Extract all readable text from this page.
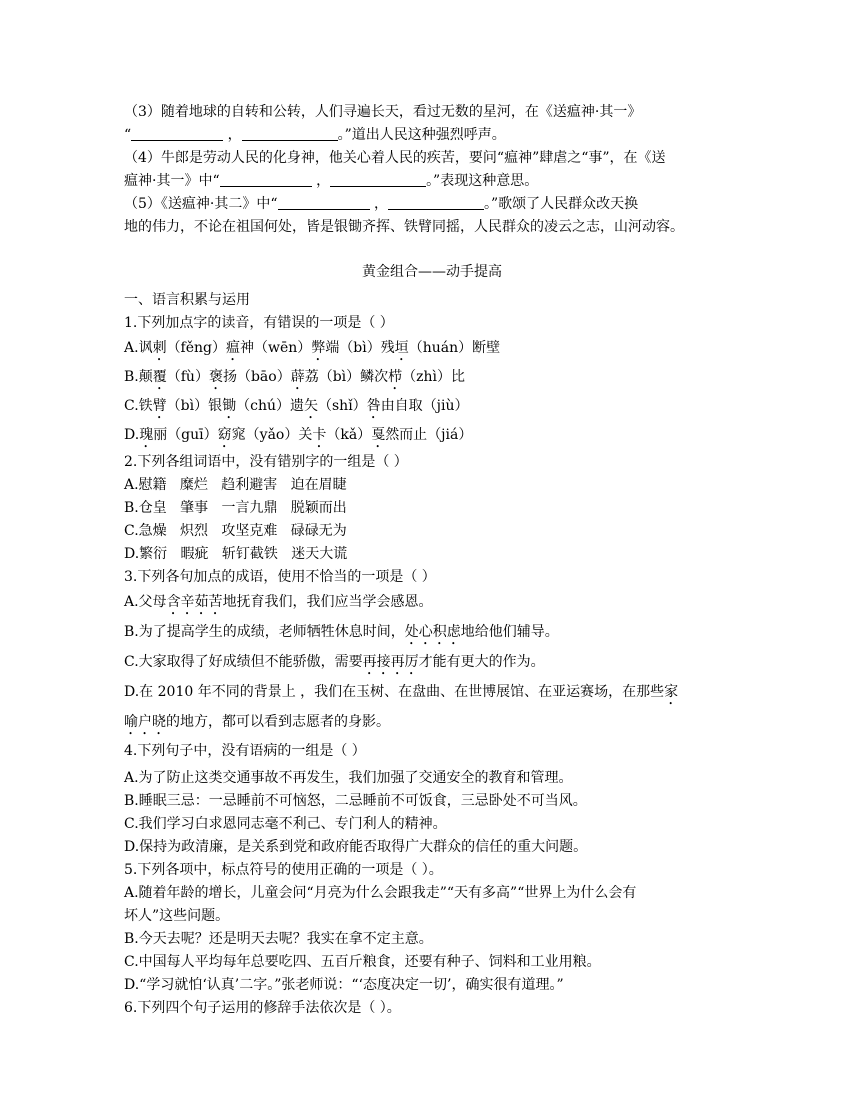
（3）随着地球的自转和公转，人们寻遍长天，看过无数的星河，在《送瘟神·其一》
“	，	。”道出人民这种强烈呼声。
（4）牛郎是劳动人民的化身神，他关心着人民的疾苦，要问“瘟神”肆虐之“事”，在《送
瘟神·其一》中“	，	。”表现这种意思。
（5）《送瘟神·其二》中“	，	。”歌颂了人民群众改天换
地的伟力，不论在祖国何处，皆是银锄齐挥、铁臂同摇，人民群众的凌云之志，山河动容。
黄金组合——动手提高
一、语言积累与运用
1.下列加点字的读音，有错误的一项是（ ）
A.讽刺（fěng）瘟神（wēn）弊端（bì）残垣（huán）断壁
B.颠覆（fù）褒扬（bāo）薜荔（bì）鳞次栉（zhì）比
C.铁臂（bì）银锄（chú）遗矢（shǐ）咎由自取（jiù）
D.瑰丽（guī）窈窕（yǎo）关卡（kǎ）戛然而止（jiá）
2.下列各组词语中，没有错别字的一组是（ ）
A.慰籍   糜烂   趋利避害   迫在眉睫
B.仓皇   肇事   一言九鼎   脱颖而出
C.急燥   炽烈   攻坚克难   碌碌无为
D.繁衍   暇疵   斩钉截铁   迷天大谎
3.下列各句加点的成语，使用不恰当的一项是（ ）
A.父母含辛茹苦地抚育我们，我们应当学会感恩。
B.为了提高学生的成绩，老师牺牲休息时间，处心积虑地给他们辅导。
C.大家取得了好成绩但不能骄傲，需要再接再厉才能有更大的作为。
D.在 2010 年不同的背景上 ，我们在玉树、在盘曲、在世博展馆、在亚运赛场，在那些家
喻户晓的地方，都可以看到志愿者的身影。
4.下列句子中，没有语病的一组是（ ）
A.为了防止这类交通事故不再发生，我们加强了交通安全的教育和管理。
B.睡眠三忌：一忌睡前不可恼怒，二忌睡前不可饭食，三忌卧处不可当风。
C.我们学习白求恩同志毫不利己、专门利人的精神。
D.保持为政清廉，是关系到党和政府能否取得广大群众的信任的重大问题。
5.下列各项中，标点符号的使用正确的一项是（ ）。
A.随着年龄的增长，儿童会问“月亮为什么会跟我走”“天有多高”“世界上为什么会有
坏人”这些问题。
B.今天去呢？还是明天去呢？我实在拿不定主意。
C.中国每人平均每年总要吃四、五百斤粮食，还要有种子、饲料和工业用粮。
D.“学习就怕‘认真’二字。”张老师说：“‘态度决定一切’，确实很有道理。”
6.下列四个句子运用的修辞手法依次是（ ）。
